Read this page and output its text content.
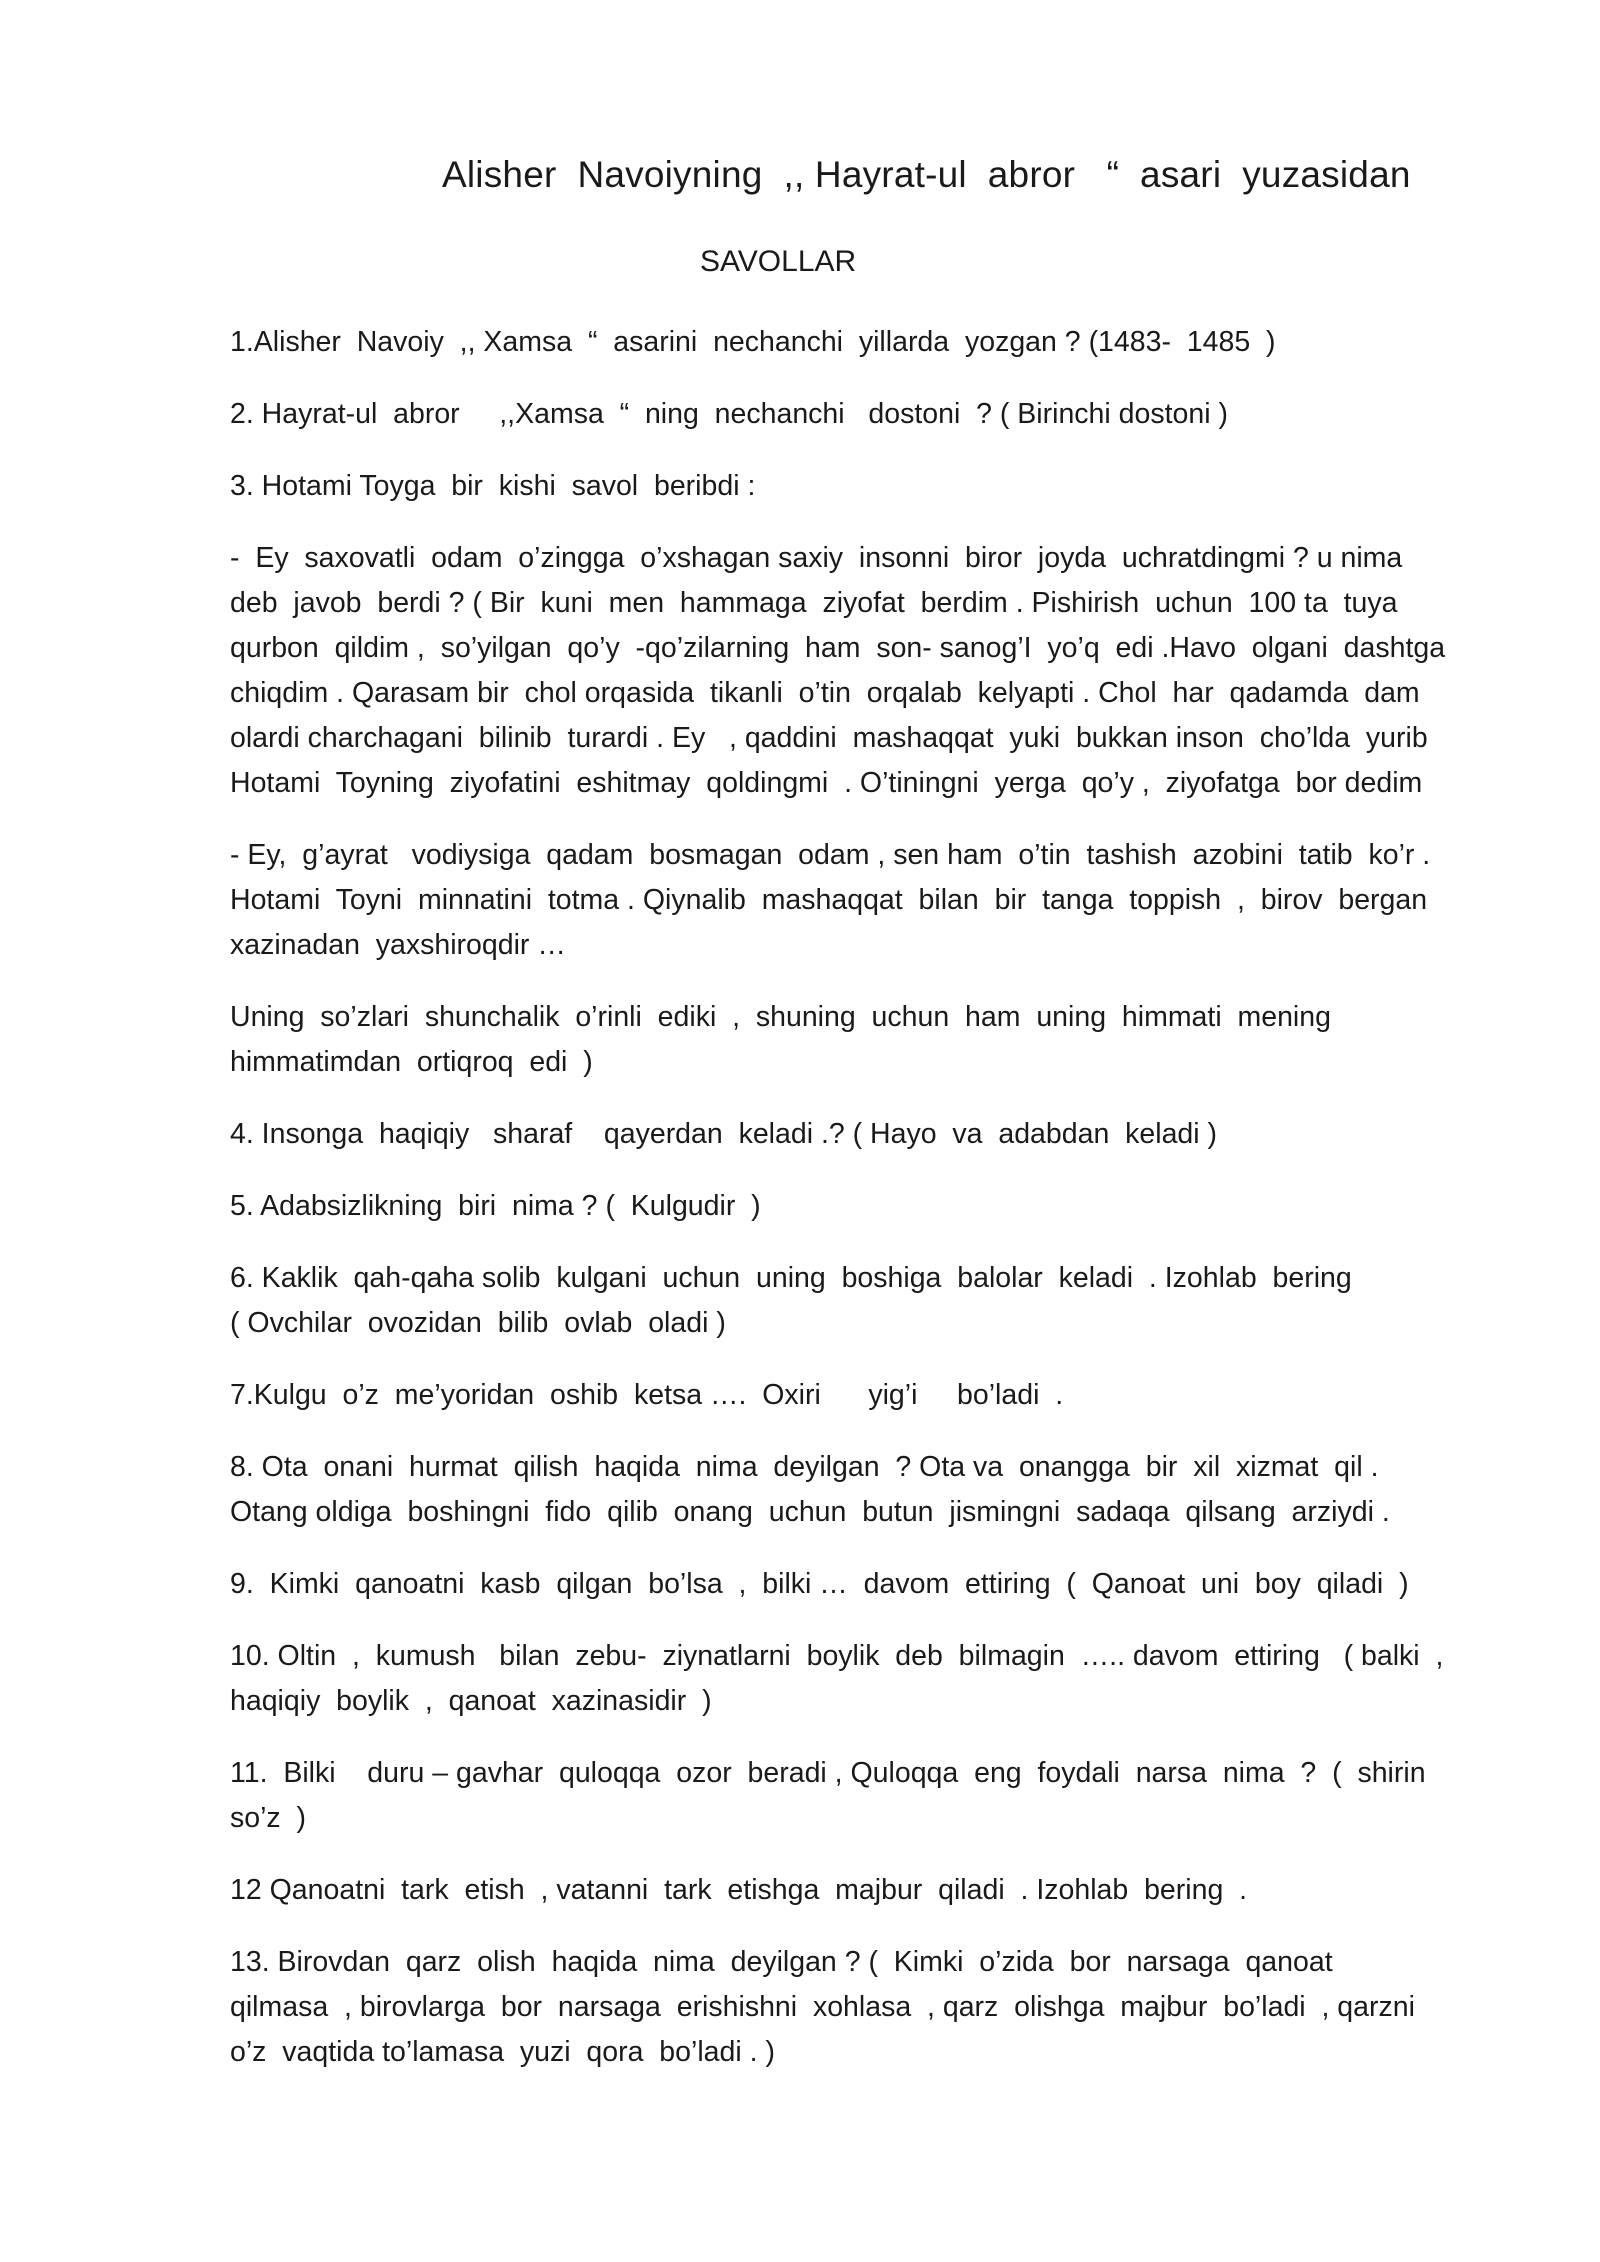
Alisher  Navoiyning  ,, Hayrat-ul  abror   “  asari  yuzasidan
SAVOLLAR
1.Alisher  Navoiy  ,, Xamsa  “  asarini  nechanchi  yillarda  yozgan ? (1483-  1485  )
2. Hayrat-ul  abror     ,,Xamsa  “  ning  nechanchi   dostoni  ? ( Birinchi dostoni )
3. Hotami Toyga  bir  kishi  savol  beribdi :
-  Ey  saxovatli  odam  o’zingga  o’xshagan saxiy  insonni  biror  joyda  uchratdingmi ? u nima
deb  javob  berdi ? ( Bir  kuni  men  hammaga  ziyofat  berdim . Pishirish  uchun  100 ta  tuya
qurbon  qildim ,  so’yilgan  qo’y  -qo’zilarning  ham  son- sanog’I  yo’q  edi .Havo  olgani  dashtga
chiqdim . Qarasam bir  chol orqasida  tikanli  o’tin  orqalab  kelyapti . Chol  har  qadamda  dam
olardi charchagani  bilinib  turardi . Ey   , qaddini  mashaqqat  yuki  bukkan inson  cho’lda  yurib
Hotami  Toyning  ziyofatini  eshitmay  qoldingmi  . O’tiningni  yerga  qo’y ,  ziyofatga  bor dedim
- Ey,  g’ayrat   vodiysiga  qadam  bosmagan  odam , sen ham  o’tin  tashish  azobini  tatib  ko’r .
Hotami  Toyni  minnatini  totma . Qiynalib  mashaqqat  bilan  bir  tanga  toppish  ,  birov  bergan
xazinadan  yaxshiroqdir …
Uning  so’zlari  shunchalik  o’rinli  ediki  ,  shuning  uchun  ham  uning  himmati  mening
himmatimdan  ortiqroq  edi  )
4. Insonga  haqiqiy   sharaf    qayerdan  keladi .? ( Hayo  va  adabdan  keladi )
5. Adabsizlikning  biri  nima ? (  Kulgudir  )
6. Kaklik  qah-qaha solib  kulgani  uchun  uning  boshiga  balolar  keladi  . Izohlab  bering
( Ovchilar  ovozidan  bilib  ovlab  oladi )
7.Kulgu  o’z  me’yoridan  oshib  ketsa ….  Oxiri      yig’i     bo’ladi  .
8. Ota  onani  hurmat  qilish  haqida  nima  deyilgan  ? Ota va  onangga  bir  xil  xizmat  qil .
Otang oldiga  boshingni  fido  qilib  onang  uchun  butun  jismingni  sadaqa  qilsang  arziydi .
9.  Kimki  qanoatni  kasb  qilgan  bo’lsa  ,  bilki …  davom  ettiring  (  Qanoat  uni  boy  qiladi  )
10. Oltin  ,  kumush   bilan  zebu-  ziynatlarni  boylik  deb  bilmagin  ….. davom  ettiring   ( balki  ,
haqiqiy  boylik  ,  qanoat  xazinasidir  )
11.  Bilki    duru – gavhar  quloqqa  ozor  beradi , Quloqqa  eng  foydali  narsa  nima  ?  (  shirin
so’z  )
12 Qanoatni  tark  etish  , vatanni  tark  etishga  majbur  qiladi  . Izohlab  bering  .
13. Birovdan  qarz  olish  haqida  nima  deyilgan ? (  Kimki  o’zida  bor  narsaga  qanoat
qilmasa  , birovlarga  bor  narsaga  erishishni  xohlasa  , qarz  olishga  majbur  bo’ladi  , qarzni
o’z  vaqtida to’lamasa  yuzi  qora  bo’ladi . )
